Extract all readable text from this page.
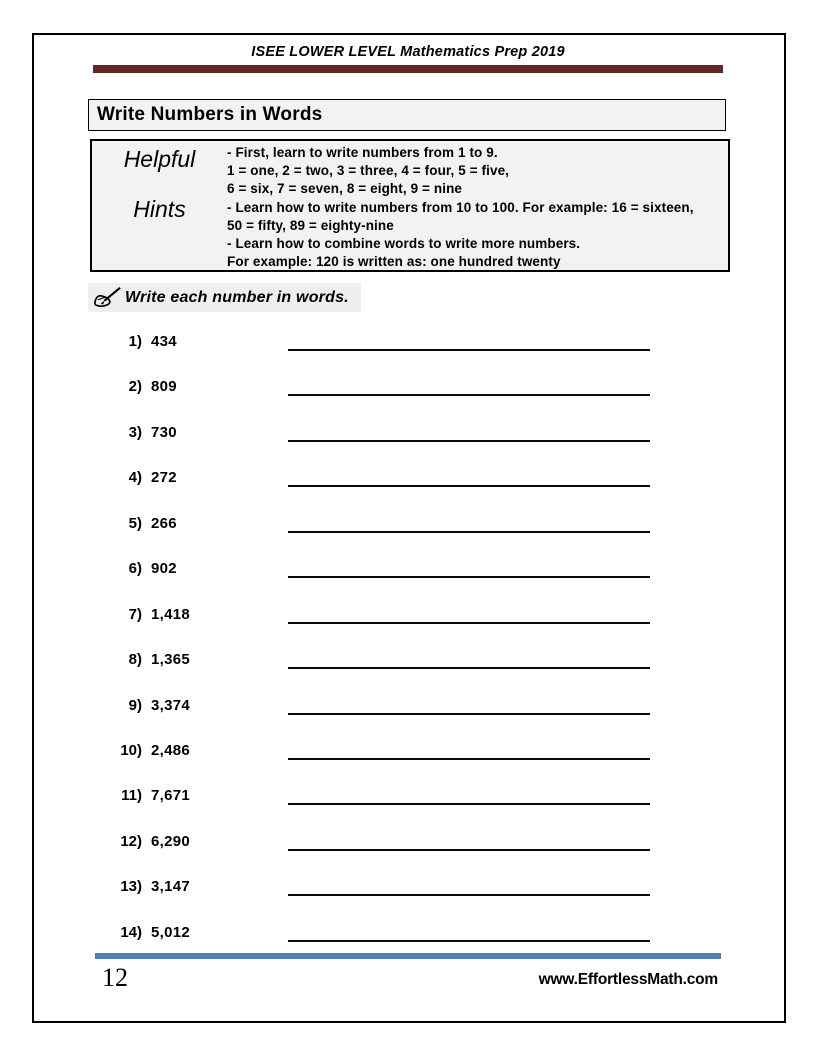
ISEE LOWER LEVEL Mathematics Prep 2019
Write Numbers in Words
Helpful
Hints
- First, learn to write numbers from 1 to 9.
1 = one, 2 = two, 3 = three, 4 = four, 5 = five,
6 = six, 7 = seven, 8 = eight, 9 = nine
- Learn how to write numbers from 10 to 100. For example: 16 = sixteen,
50 = fifty, 89 = eighty-nine
- Learn how to combine words to write more numbers.
For example: 120 is written as: one hundred twenty
Write each number in words.
1) 434
2) 809
3) 730
4) 272
5) 266
6) 902
7) 1,418
8) 1,365
9) 3,374
10) 2,486
11) 7,671
12) 6,290
13) 3,147
14) 5,012
12	www.EffortlessMath.com
